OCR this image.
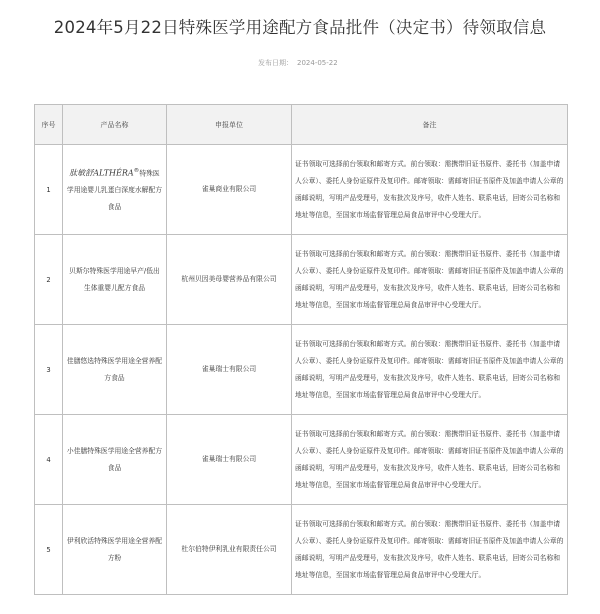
2024年5月22日特殊医学用途配方食品批件（决定书）待领取信息
发布日期： 2024-05-22
序号	产品名称	申报单位	备注
1	肽敏舒ALTHÉRA®特殊医学用途婴儿乳蛋白深度水解配方食品	雀巢商业有限公司	证书领取可选择前台领取和邮寄方式。前台领取：需携带旧证书原件、委托书（加盖申请人公章）、委托人身份证原件及复印件。邮寄领取：需邮寄旧证书原件及加盖申请人公章的函邮说明，写明产品受理号，发布批次及序号，收件人姓名、联系电话，回寄公司名称和地址等信息，至国家市场监督管理总局食品审评中心受理大厅。
2	贝斯尔特殊医学用途早产/低出生体重婴儿配方食品	杭州贝因美母婴营养品有限公司	证书领取可选择前台领取和邮寄方式。前台领取：需携带旧证书原件、委托书（加盖申请人公章）、委托人身份证原件及复印件。邮寄领取：需邮寄旧证书原件及加盖申请人公章的函邮说明，写明产品受理号，发布批次及序号，收件人姓名、联系电话，回寄公司名称和地址等信息，至国家市场监督管理总局食品审评中心受理大厅。
3	佳膳悠选特殊医学用途全营养配方食品	雀巢瑞士有限公司	证书领取可选择前台领取和邮寄方式。前台领取：需携带旧证书原件、委托书（加盖申请人公章）、委托人身份证原件及复印件。邮寄领取：需邮寄旧证书原件及加盖申请人公章的函邮说明，写明产品受理号，发布批次及序号，收件人姓名、联系电话，回寄公司名称和地址等信息，至国家市场监督管理总局食品审评中心受理大厅。
4	小佳膳特殊医学用途全营养配方食品	雀巢瑞士有限公司	证书领取可选择前台领取和邮寄方式。前台领取：需携带旧证书原件、委托书（加盖申请人公章）、委托人身份证原件及复印件。邮寄领取：需邮寄旧证书原件及加盖申请人公章的函邮说明，写明产品受理号，发布批次及序号，收件人姓名、联系电话，回寄公司名称和地址等信息，至国家市场监督管理总局食品审评中心受理大厅。
5	伊利欣活特殊医学用途全营养配方粉	杜尔伯特伊利乳业有限责任公司	证书领取可选择前台领取和邮寄方式。前台领取：需携带旧证书原件、委托书（加盖申请人公章）、委托人身份证原件及复印件。邮寄领取：需邮寄旧证书原件及加盖申请人公章的函邮说明，写明产品受理号，发布批次及序号，收件人姓名、联系电话，回寄公司名称和地址等信息，至国家市场监督管理总局食品审评中心受理大厅。
